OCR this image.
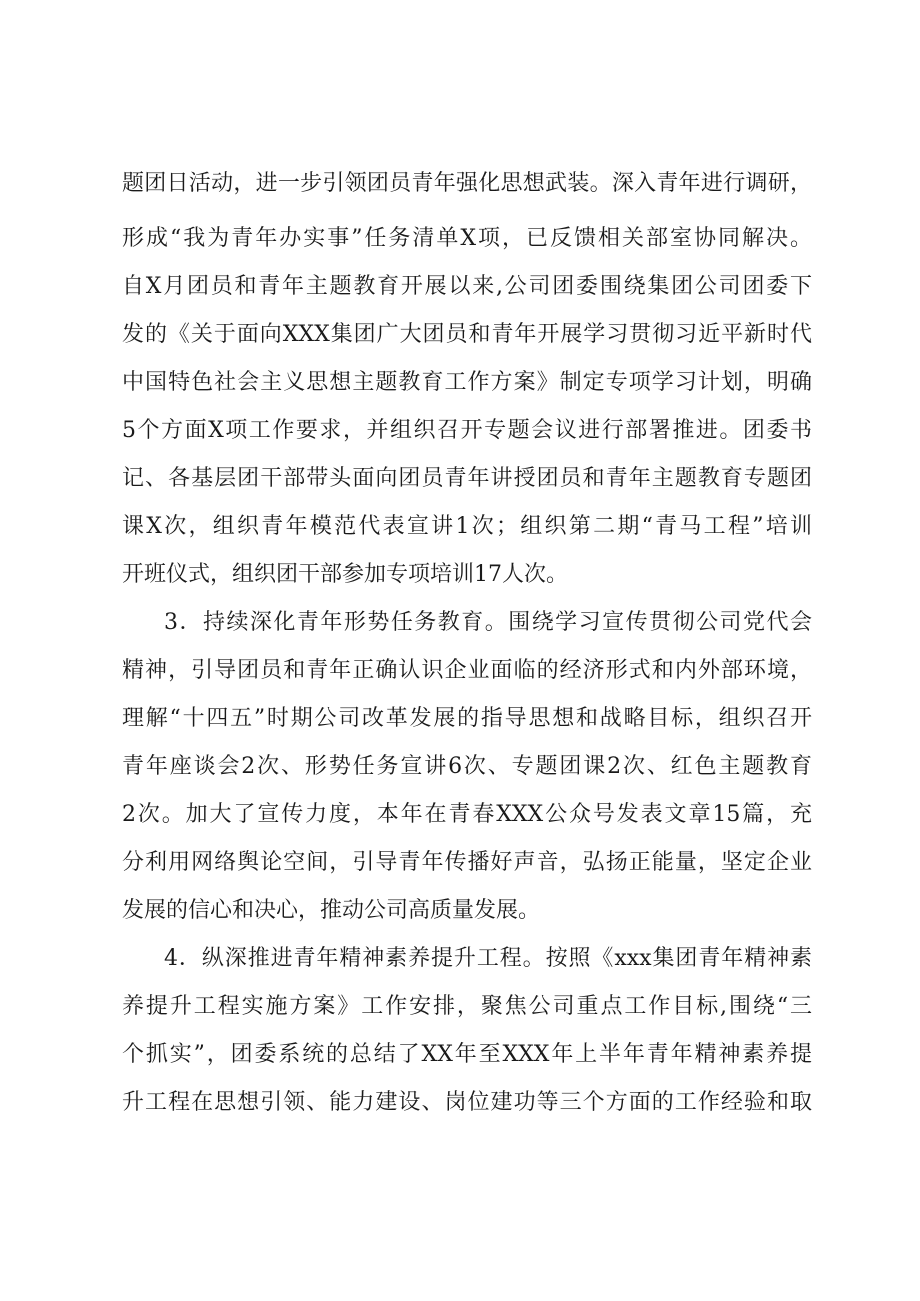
题团日活动，进一步引领团员青年强化思想武装。深入青年进行调研，
形成“我为青年办实事”任务清单X项，已反馈相关部室协同解决。
自X月团员和青年主题教育开展以来,公司团委围绕集团公司团委下
发的《关于面向XXX集团广大团员和青年开展学习贯彻习近平新时代
中国特色社会主义思想主题教育工作方案》制定专项学习计划，明确
5个方面X项工作要求，并组织召开专题会议进行部署推进。团委书
记、各基层团干部带头面向团员青年讲授团员和青年主题教育专题团
课X次，组织青年模范代表宣讲1次；组织第二期“青马工程”培训
开班仪式，组织团干部参加专项培训17人次。
3．持续深化青年形势任务教育。围绕学习宣传贯彻公司党代会
精神，引导团员和青年正确认识企业面临的经济形式和内外部环境，
理解“十四五”时期公司改革发展的指导思想和战略目标，组织召开
青年座谈会2次、形势任务宣讲6次、专题团课2次、红色主题教育
2次。加大了宣传力度，本年在青春XXX公众号发表文章15篇，充
分利用网络舆论空间，引导青年传播好声音，弘扬正能量，坚定企业
发展的信心和决心，推动公司高质量发展。
4．纵深推进青年精神素养提升工程。按照《xxx集团青年精神素
养提升工程实施方案》工作安排，聚焦公司重点工作目标,围绕“三
个抓实”，团委系统的总结了XX年至XXX年上半年青年精神素养提
升工程在思想引领、能力建设、岗位建功等三个方面的工作经验和取
